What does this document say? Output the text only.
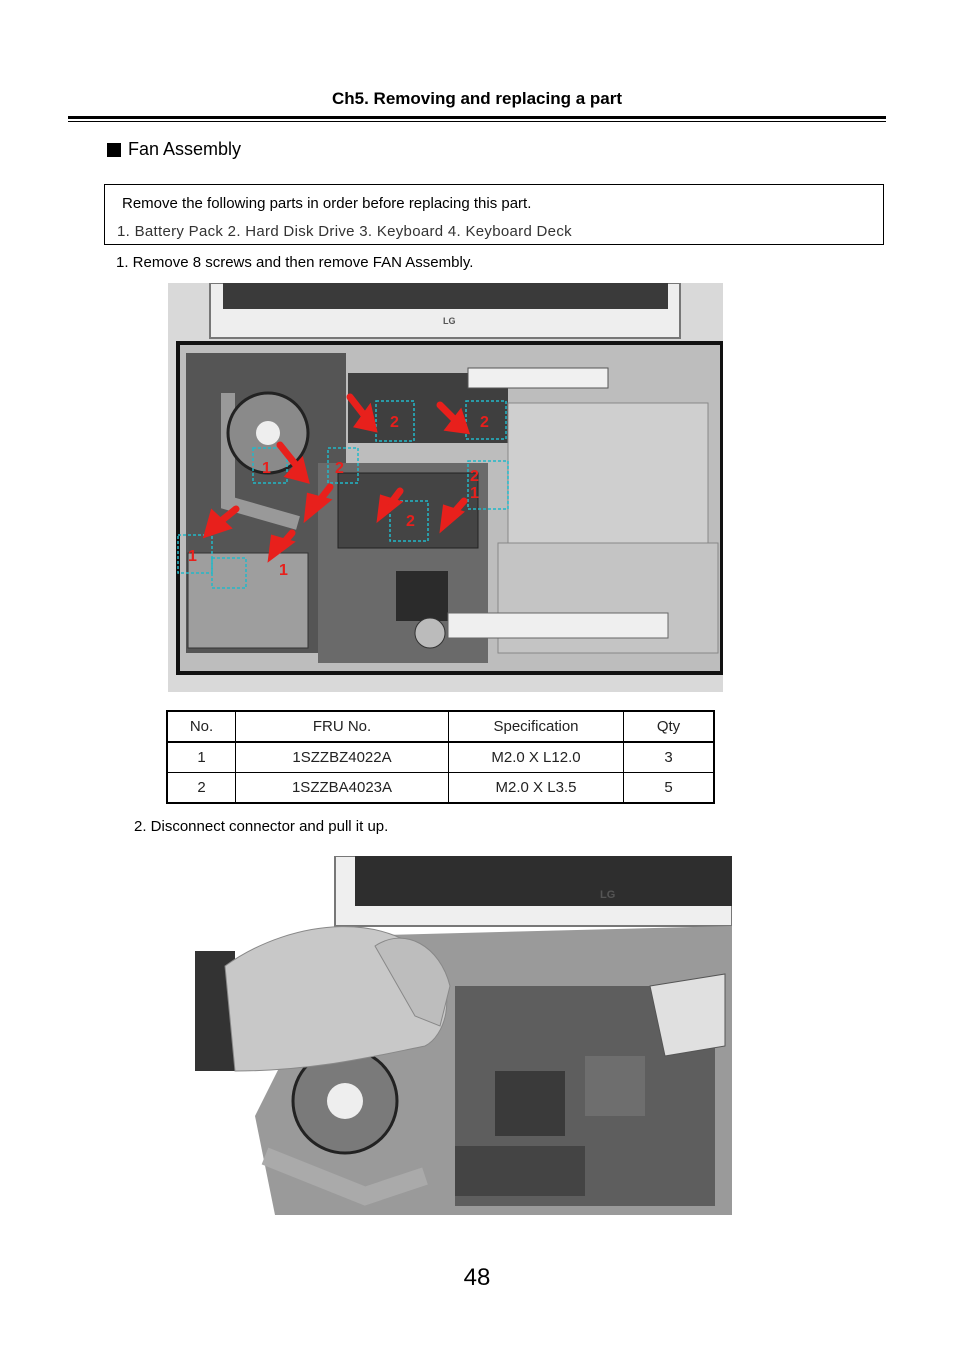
Ch5. Removing and replacing a part
Fan Assembly
Remove the following parts in order before replacing this part.
1. Battery Pack 2. Hard Disk Drive 3. Keyboard 4. Keyboard Deck
1. Remove 8 screws and then remove FAN Assembly.
LG
1
1
1
1
2
2	2
2
2
No.	FRU No.	Specification	Qty
1	1SZZBZ4022A	M2.0 X L12.0	3
2	1SZZBA4023A	M2.0 X L3.5	5
2. Disconnect connector and pull it up.
LG
48
